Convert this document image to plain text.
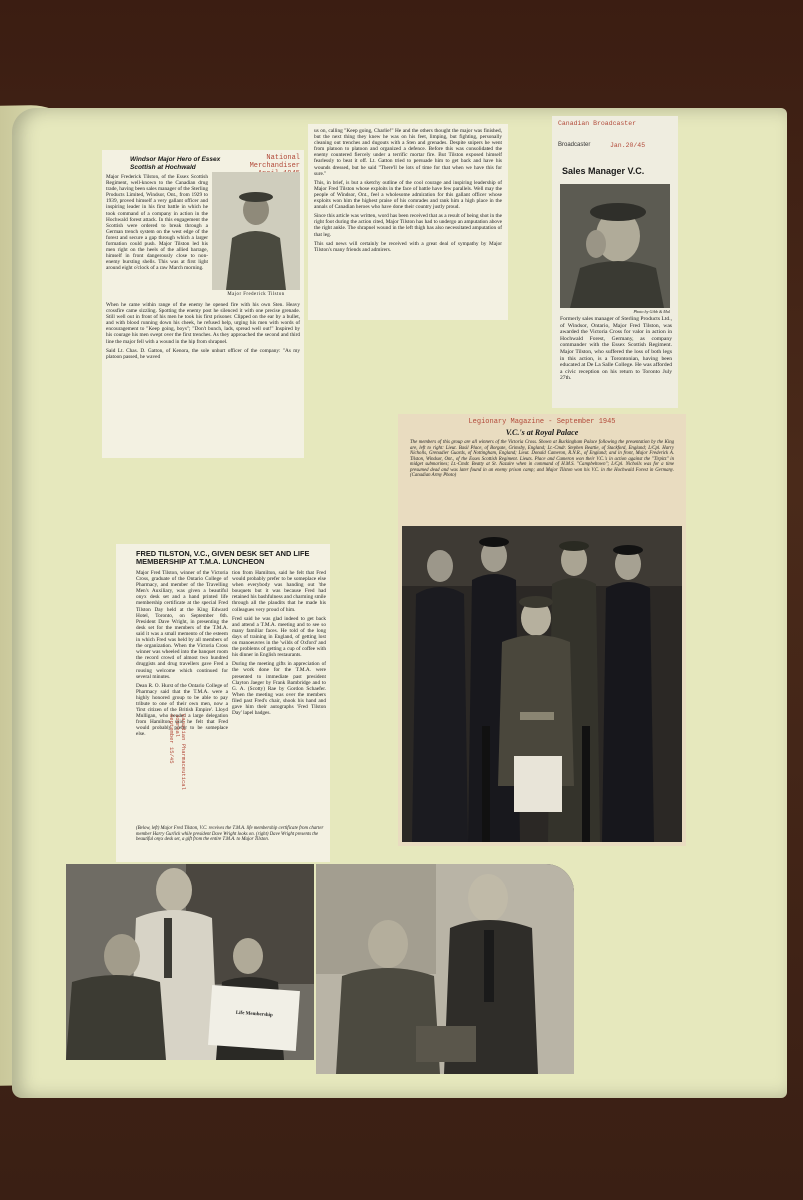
National Merchandiser
Windsor Major Hero of Essex Scottish at Hochwald
Major Frederick Tilston

Major Frederick Tilston, of the Essex Scottish Regiment, well-known to the Canadian drug trade, having been sales manager of the Sterling Products Limited, Windsor, Ont., from 1929 to 1939, proved himself a very gallant officer and inspiring leader in his first battle in which he took command of a company in action in the Hochwald forest attack. In this engagement the Scottish were ordered to break through a German trench system on the west edge of the forest and secure a gap through which a larger formation could push. Major Tilston led his men right on the heels of the allied barrage, himself in front dangerously close to non-enemy bursting shells. This was at first light around eight o'clock of a raw March morning.

When he came within range of the enemy he opened fire with his own Sten. Heavy crossfire came sizzling. Spotting the enemy post he silenced it with one precise grenade. Still well out in front of his men he took his first prisoner. Clipped on the ear by a bullet, and with blood running down his cheek, he refused help, urging his men with words of encouragement to "Keep going, boys"; "Don't bunch, lads, spread well out!" Inspired by his courage his men swept over the first trenches. As they approached the second and third line the major fell with a wound in the hip from shrapnel.

Said Lt. Chas. D. Gatton, of Kenora, the sole unhurt officer of the company: "As my platoon passed, he waved

us on, calling "Keep going, Charlie!" He and the others thought the major was finished, but the next thing they knew he was on his feet, limping, but fighting, personally cleaning out trenches and dugouts with a Sten and grenades. Despite snipers he went from platoon to platoon and organized a defence. Before this was consolidated the enemy countered fiercely under a terrific mortar fire. But Tilston exposed himself fearlessly to beat it off. Lt. Gatton tried to persuade him to get back and have his wounds dressed, but he said "There'll be lots of time for that when we have this for sure."

This, in brief, is but a sketchy outline of the cool courage and inspiring leadership of Major Fred Tilston whose exploits in the face of battle have few parallels. Well may the people of Windsor, Ont., feel a wholesome admiration for this gallant officer whose exploits won him the highest praise of his comrades and rank him a high place in the annals of Canadian heroes who have done their country justly proud.

Since this article was written, word has been received that as a result of being shot in the right foot during the action cited, Major Tilston has had to undergo an amputation above the right ankle. The shrapnel wound in the left thigh has also necessitated amputation of that leg.

This sad news will certainly be received with a great deal of sympathy by Major Tilston's many friends and admirers.

Canadian Broadcaster
Jan.20/45
Broadcaster
Sales Manager V.C.
Photo by Gibb & Mal

Formerly sales manager of Sterling Products Ltd., of Windsor, Ontario, Major Fred Tilston, was awarded the Victoria Cross for valor in action in Hochwald Forest, Germany, as company commander with the Essex Scottish Regiment. Major Tilston, who suffered the loss of both legs in this action, is a Torontonian, having been educated at De La Salle College. He was afforded a civic reception on his return to Toronto July 27th.

Legionary Magazine - September 1945
V.C.'s at Royal Palace
The members of this group are all winners of the Victoria Cross. Shown at Buckingham Palace following the presentation by the King are, left to right: Lieut. Basil Place, of Borgate, Grimsby, England; Lt.-Cmdr. Stephen Beattie, of Stackford, England; L/Cpl. Harry Nicholls, Grenadier Guards, of Nottingham, England; Lieut. Donald Cameron, R.N.R., of England; and in front, Major Frederick A. Tilston, Windsor, Ont., of the Essex Scottish Regiment. Lieuts. Place and Cameron won their V.C.'s in action against the "Tirpitz" in midget submarines; Lt.-Cmdr. Beatty at St. Nazaire when in command of H.M.S. "Campbeltown"; L/Cpl. Nicholls was for a time presumed dead and was later found in an enemy prison camp; and Major Tilston won his V.C. in the Hochwald Forest in Germany. (Canadian Army Photo)
FRED TILSTON, V.C., GIVEN DESK SET AND LIFE MEMBERSHIP AT T.M.A. LUNCHEON

Major Fred Tilston, winner of the Victoria Cross, graduate of the Ontario College of Pharmacy, and member of the Travelling Men's Auxiliary, was given a beautiful onyx desk set and a hand printed life membership certificate at the special Fred Tilston Day held at the King Edward Hotel, Toronto, on September 6th. President Dave Wright, in presenting the desk set for the members of the T.M.A. said it was a small memento of the esteem in which Fred was held by all members of the organization. When the Victoria Cross winner was wheeled into the banquet room the record crowd of almost two hundred druggists and drug travellers gave Fred a rousing welcome which continued for several minutes.

Dean R. O. Hurst of the Ontario College of Pharmacy said that the T.M.A. were a highly honored group to be able to pay tribute to one of their own men, now a 'first citizen of the British Empire'. Lloyd Mulligan, who headed a large delegation from Hamilton, said he felt that Fred would probably prefer to be someplace else.

tion from Hamilton, said he felt that Fred would probably prefer to be someplace else when everybody was handing out 'the bouquets but it was because Fred had retained his bashfulness and charming smile through all the plaudits that he made his colleagues very proud of him.

Fred said he was glad indeed to get back and attend a T.M.A. meeting and to see so many familiar faces. He told of the long days of training in England, of getting lost on manoeuvres in the 'wilds of Oxford' and the problems of getting a cup of coffee with his dinner in English restaurants.

During the meeting gifts in appreciation of the work done for the T.M.A. were presented to immediate past president Clayton Jaeger by Frank Bambridge and to G. A. (Scotty) Rae by Gordon Schaefer. When the meeting was over the members filed past Fred's chair, shook his hand and gave him their autographs 'Fred Tilston Day' lapel badges.

Canadian Pharmaceutical Journal
September 15/45
(Below, left) Major Fred Tilston, V.C. receives the T.M.A. life membership certificate from charter member Harry Gurlick while president Dave Wright looks on. (right) Dave Wright presents the beautiful onyx desk set, a gift from the entire T.M.A. to Major Tilston.
Life Membership
